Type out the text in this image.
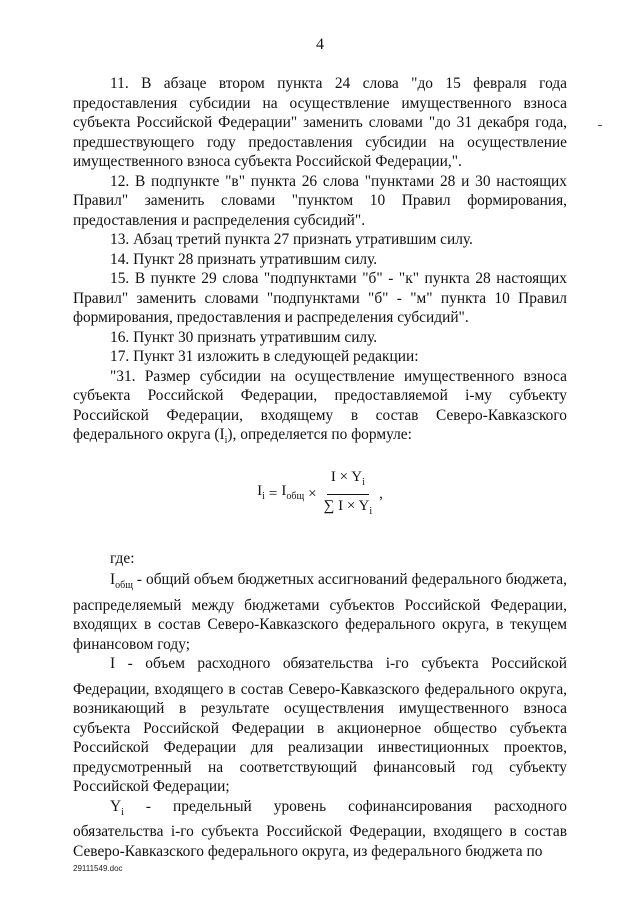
4

11. В абзаце втором пункта 24 слова "до 15 февраля года предоставления субсидии на осуществление имущественного взноса субъекта Российской Федерации" заменить словами "до 31 декабря года, предшествующего году предоставления субсидии на осуществление имущественного взноса субъекта Российской Федерации,".

12. В подпункте "в" пункта 26 слова "пунктами 28 и 30 настоящих Правил" заменить словами "пунктом 10 Правил формирования, предоставления и распределения субсидий".

13. Абзац третий пункта 27 признать утратившим силу.

14. Пункт 28 признать утратившим силу.

15. В пункте 29 слова "подпунктами "б" - "к" пункта 28 настоящих Правил" заменить словами "подпунктами "б" - "м" пункта 10 Правил формирования, предоставления и распределения субсидий".

16. Пункт 30 признать утратившим силу.

17. Пункт 31 изложить в следующей редакции:

"31. Размер субсидии на осуществление имущественного взноса субъекта Российской Федерации, предоставляемой i-му субъекту Российской Федерации, входящему в состав Северо-Кавказского федерального округа $(I_i)$, определяется по формуле:

$I_i = I_{общ} \times \frac{I \times Y_i}{\sum I \times Y_i}$ ,

где:

$I_{общ}$ - общий объем бюджетных ассигнований федерального бюджета, распределяемый между бюджетами субъектов Российской Федерации, входящих в состав Северо-Кавказского федерального округа, в текущем финансовом году;

I - объем расходного обязательства i-го субъекта Российской Федерации, входящего в состав Северо-Кавказского федерального округа, возникающий в результате осуществления имущественного взноса субъекта Российской Федерации в акционерное общество субъекта Российской Федерации для реализации инвестиционных проектов, предусмотренный на соответствующий финансовый год субъекту Российской Федерации;

$Y_i$ - предельный уровень софинансирования расходного обязательства i-го субъекта Российской Федерации, входящего в состав Северо-Кавказского федерального округа, из федерального бюджета по

29111549.doc
